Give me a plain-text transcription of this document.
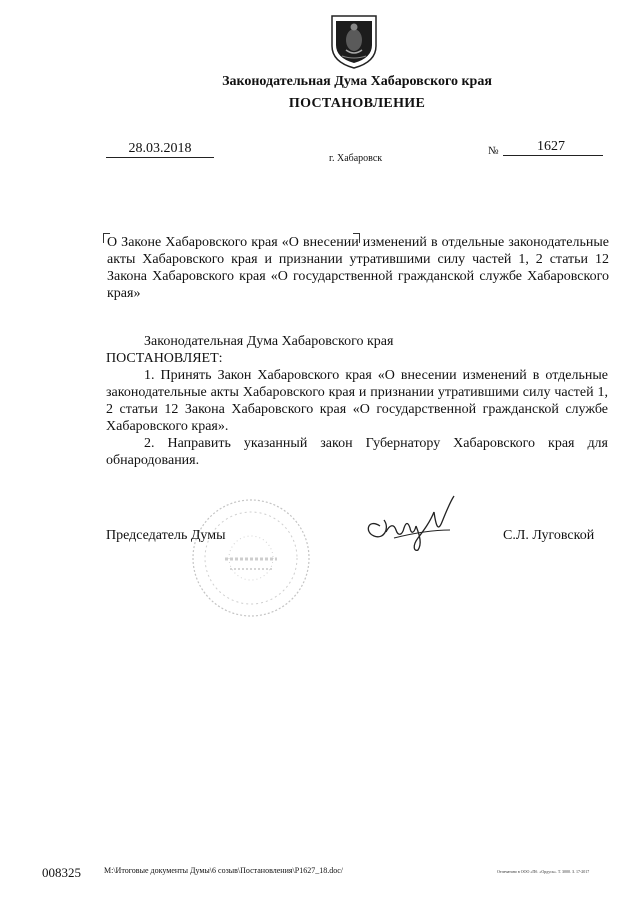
Законодательная Дума Хабаровского края
ПОСТАНОВЛЕНИЕ
28.03.2018
г. Хабаровск
№	1627
О Законе Хабаровского края «О внесении изменений в отдельные законодательные акты Хабаровского края и признании утратившими силу частей 1, 2 статьи 12 Закона Хабаровского края «О государственной гражданской службе Хабаровского края»

Законодательная Дума Хабаровского края

ПОСТАНОВЛЯЕТ:

1. Принять Закон Хабаровского края «О внесении изменений в отдельные законодательные акты Хабаровского края и признании утратившими силу частей 1, 2 статьи 12 Закона Хабаровского края «О государственной гражданской службе Хабаровского края».

2. Направить указанный закон Губернатору Хабаровского края для обнародования.

Председатель Думы	С.Л. Луговской
008325	M:\Итоговые документы Думы\6 созыв\Постановления\P1627_18.doc/	Отпечатано в ООО «Пб. «Ордуск». Т. 3000. З. 17-2017
